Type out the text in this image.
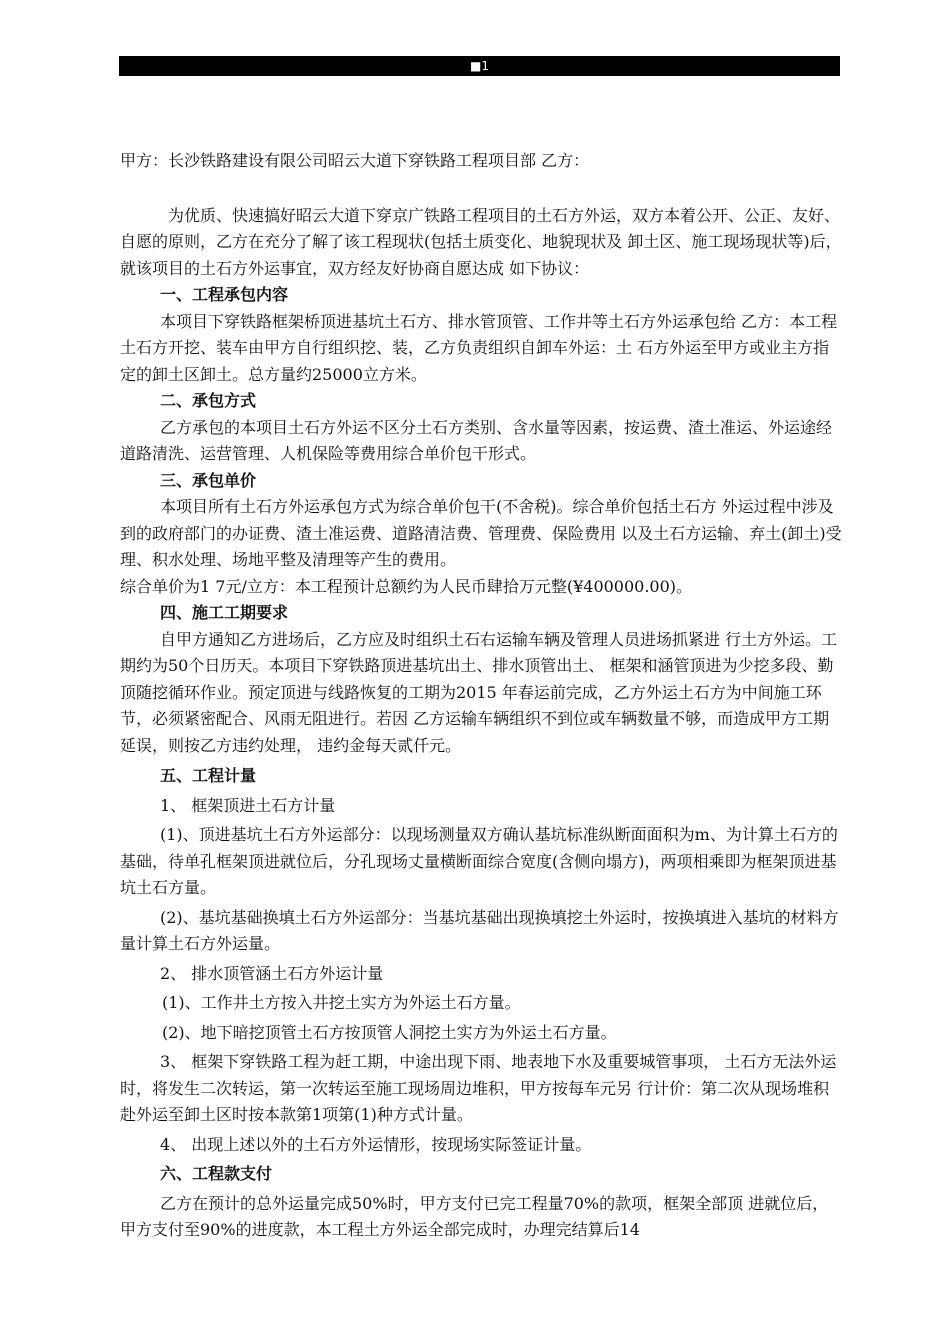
■1

甲方：长沙铁路建设有限公司昭云大道下穿铁路工程项目部 乙方：

为优质、快速搞好昭云大道下穿京广铁路工程项目的土石方外运，双方本着公开、公正、友好、自愿的原则，乙方在充分了解了该工程现状(包括土质变化、地貌现状及 卸土区、施工现场现状等)后，就该项目的土石方外运事宜，双方经友好协商自愿达成 如下协议：

一、工程承包内容

本项目下穿铁路框架桥顶进基坑土石方、排水管顶管、工作井等土石方外运承包给 乙方：本工程土石方开挖、装车由甲方自行组织挖、装，乙方负责组织自卸车外运：土 石方外运至甲方或业主方指定的卸土区卸土。总方量约25000立方米。

二、承包方式

乙方承包的本项目土石方外运不区分土石方类别、含水量等因素，按运费、渣土准运、外运途经道路清洗、运营管理、人机保险等费用综合单价包干形式。

三、承包单价

本项目所有土石方外运承包方式为综合单价包干(不舍税)。综合单价包括土石方 外运过程中涉及到的政府部门的办证费、渣土准运费、道路清洁费、管理费、保险费用 以及土石方运输、弃土(卸土)受理、积水处理、场地平整及清理等产生的费用。

综合单价为1 7元/立方：本工程预计总额约为人民币肆拾万元整(¥400000.00)。

四、施工工期要求

自甲方通知乙方进场后，乙方应及时组织土石右运输车辆及管理人员进场抓紧进 行土方外运。工期约为50个日历天。本项目下穿铁路顶进基坑出土、排水顶管出土、 框架和涵管顶进为少挖多段、勤顶随挖循环作业。预定顶进与线路恢复的工期为2015 年春运前完成，乙方外运土石方为中间施工环节，必须紧密配合、风雨无阻进行。若因 乙方运输车辆组织不到位或车辆数量不够，而造成甲方工期延误，则按乙方违约处理， 违约金每天贰仟元。

五、工程计量

1、 框架顶进土石方计量

(1)、顶进基坑土石方外运部分：以现场测量双方确认基坑标准纵断面面积为m、为计算土石方的基础，待单孔框架顶进就位后，分孔现场丈量横断面综合宽度(含侧向塌方)，两项相乘即为框架顶进基坑土石方量。

(2)、基坑基础换填土石方外运部分：当基坑基础出现换填挖土外运时，按换填进入基坑的材料方量计算土石方外运量。

2、 排水顶管涵土石方外运计量

(1)、工作井土方按入井挖土实方为外运土石方量。

(2)、地下暗挖顶管土石方按顶管人洞挖土实方为外运土石方量。

3、 框架下穿铁路工程为赶工期，中途出现下雨、地表地下水及重要城管事项， 土石方无法外运时，将发生二次转运，第一次转运至施工现场周边堆积，甲方按每车元另 行计价：第二次从现场堆积赴外运至卸土区时按本款第1项第(1)种方式计量。

4、 出现上述以外的土石方外运情形，按现场实际签证计量。

六、工程款支付

乙方在预计的总外运量完成50%时，甲方支付已完工程量70%的款项，框架全部顶 进就位后，甲方支付至90%的进度款，本工程土方外运全部完成时，办理完结算后14
